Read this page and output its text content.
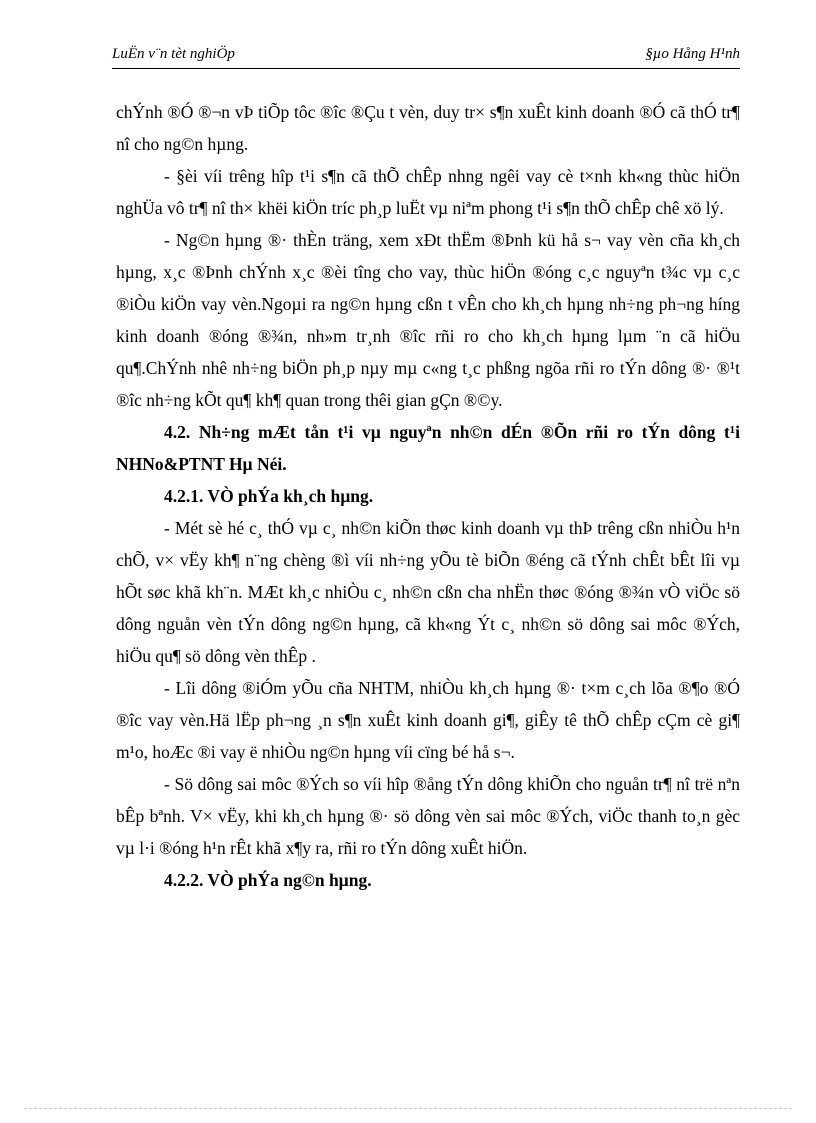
LuËn v¨n tèt nghiÖp	§µo Hång H¹nh

chÝnh ®Ó ®¬n vÞ tiÕp tôc ®îc ®Çu t vèn, duy tr× s¶n xuÊt kinh doanh ®Ó cã thÓ tr¶ nî cho ng©n hµng.

- §èi víi trêng hîp t¹i s¶n cã thÕ chÊp nhng ngêi vay cè t×nh kh«ng thùc hiÖn nghÜa vô tr¶ nî th× khëi kiÖn tríc ph¸p luËt vµ niªm phong t¹i s¶n thÕ chÊp chê xö lý.

- Ng©n hµng ®· thÈn träng, xem xÐt thËm ®Þnh kü hå s¬ vay vèn cña kh¸ch hµng, x¸c ®Þnh chÝnh x¸c ®èi tîng cho vay, thùc hiÖn ®óng c¸c nguyªn t¾c vµ c¸c ®iÒu kiÖn vay vèn.Ngoµi ra ng©n hµng cßn t vÊn cho kh¸ch hµng nh÷ng ph¬ng híng kinh doanh ®óng ®¾n, nh»m tr¸nh ®îc rñi ro cho kh¸ch hµng lµm ¨n cã hiÖu qu¶.ChÝnh nhê nh÷ng biÖn ph¸p nµy mµ c«ng t¸c phßng ngõa rñi ro tÝn dông ®· ®¹t ®îc nh÷ng kÕt qu¶ kh¶ quan trong thêi gian gÇn ®©y.

4.2. Nh÷ng mÆt tån t¹i vµ nguyªn nh©n dÉn ®Õn rñi ro tÝn dông t¹i NHNo&PTNT Hµ Néi.

4.2.1. VÒ phÝa kh¸ch hµng.

- Mét sè hé c¸ thÓ vµ c¸ nh©n kiÕn thøc kinh doanh vµ thÞ trêng cßn nhiÒu h¹n chÕ, v× vËy kh¶ n¨ng chèng ®ì víi nh÷ng yÕu tè biÕn ®éng cã tÝnh chÊt bÊt lîi vµ hÕt søc khã kh¨n. MÆt kh¸c nhiÒu c¸ nh©n cßn cha nhËn thøc ®óng ®¾n vÒ viÖc sö dông nguån vèn tÝn dông ng©n hµng, cã kh«ng Ýt c¸ nh©n sö dông sai môc ®Ých, hiÖu qu¶ sö dông vèn thÊp .

- Lîi dông ®iÓm yÕu cña NHTM, nhiÒu kh¸ch hµng ®· t×m c¸ch lõa ®¶o ®Ó ®îc vay vèn.Hä lËp ph¬ng ¸n s¶n xuÊt kinh doanh gi¶, giÊy tê thÕ chÊp cÇm cè gi¶ m¹o, hoÆc ®i vay ë nhiÒu ng©n hµng víi cïng bé hå s¬.

- Sö dông sai môc ®Ých so víi hîp ®ång tÝn dông khiÕn cho nguån tr¶ nî trë nªn bÊp bªnh. V× vËy, khi kh¸ch hµng ®· sö dông vèn sai môc ®Ých, viÖc thanh to¸n gèc vµ l·i ®óng h¹n rÊt khã x¶y ra, rñi ro tÝn dông xuÊt hiÖn.

4.2.2. VÒ phÝa ng©n hµng.
